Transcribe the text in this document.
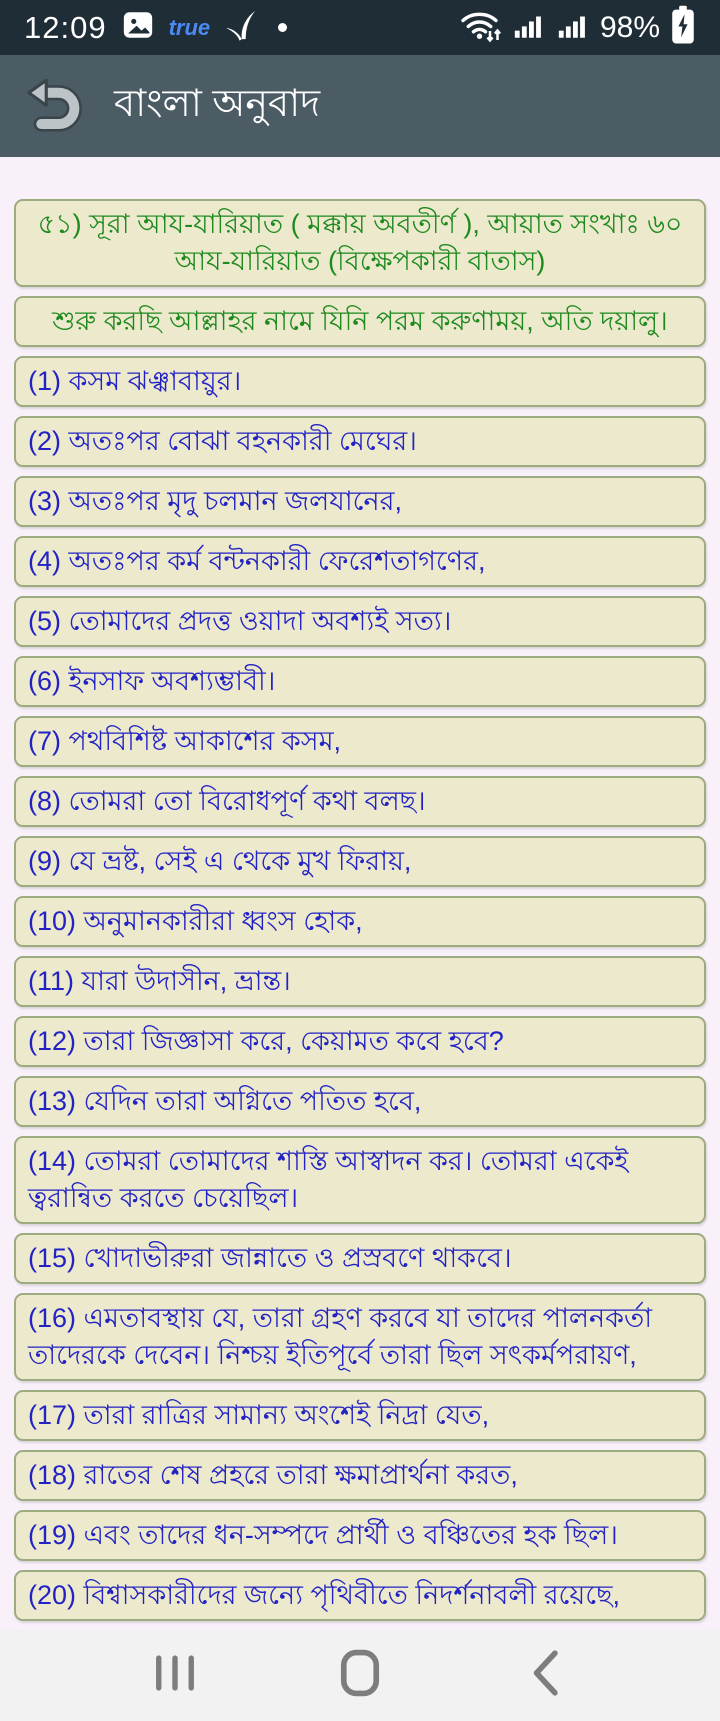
12:09	true	98%
বাংলা অনুবাদ
৫১) সূরা আয-যারিয়াত ( মক্কায় অবতীর্ণ ), আয়াত সংখাঃ ৬০
আয-যারিয়াত (বিক্ষেপকারী বাতাস)
শুরু করছি আল্লাহর নামে যিনি পরম করুণাময়, অতি দয়ালু।
(1) কসম ঝঞ্ঝাবায়ুর।
(2) অতঃপর বোঝা বহনকারী মেঘের।
(3) অতঃপর মৃদু চলমান জলযানের,
(4) অতঃপর কর্ম বন্টনকারী ফেরেশতাগণের,
(5) তোমাদের প্রদত্ত ওয়াদা অবশ্যই সত্য।
(6) ইনসাফ অবশ্যম্ভাবী।
(7) পথবিশিষ্ট আকাশের কসম,
(8) তোমরা তো বিরোধপূর্ণ কথা বলছ।
(9) যে ভ্রষ্ট, সেই এ থেকে মুখ ফিরায়,
(10) অনুমানকারীরা ধ্বংস হোক,
(11) যারা উদাসীন, ভ্রান্ত।
(12) তারা জিজ্ঞাসা করে, কেয়ামত কবে হবে?
(13) যেদিন তারা অগ্নিতে পতিত হবে,
(14) তোমরা তোমাদের শাস্তি আস্বাদন কর। তোমরা একেই ত্বরান্বিত করতে চেয়েছিল।
(15) খোদাভীরুরা জান্নাতে ও প্রস্রবণে থাকবে।
(16) এমতাবস্থায় যে, তারা গ্রহণ করবে যা তাদের পালনকর্তা তাদেরকে দেবেন। নিশ্চয় ইতিপূর্বে তারা ছিল সৎকর্মপরায়ণ,
(17) তারা রাত্রির সামান্য অংশেই নিদ্রা যেত,
(18) রাতের শেষ প্রহরে তারা ক্ষমাপ্রার্থনা করত,
(19) এবং তাদের ধন-সম্পদে প্রার্থী ও বঞ্চিতের হক ছিল।
(20) বিশ্বাসকারীদের জন্যে পৃথিবীতে নিদর্শনাবলী রয়েছে,
